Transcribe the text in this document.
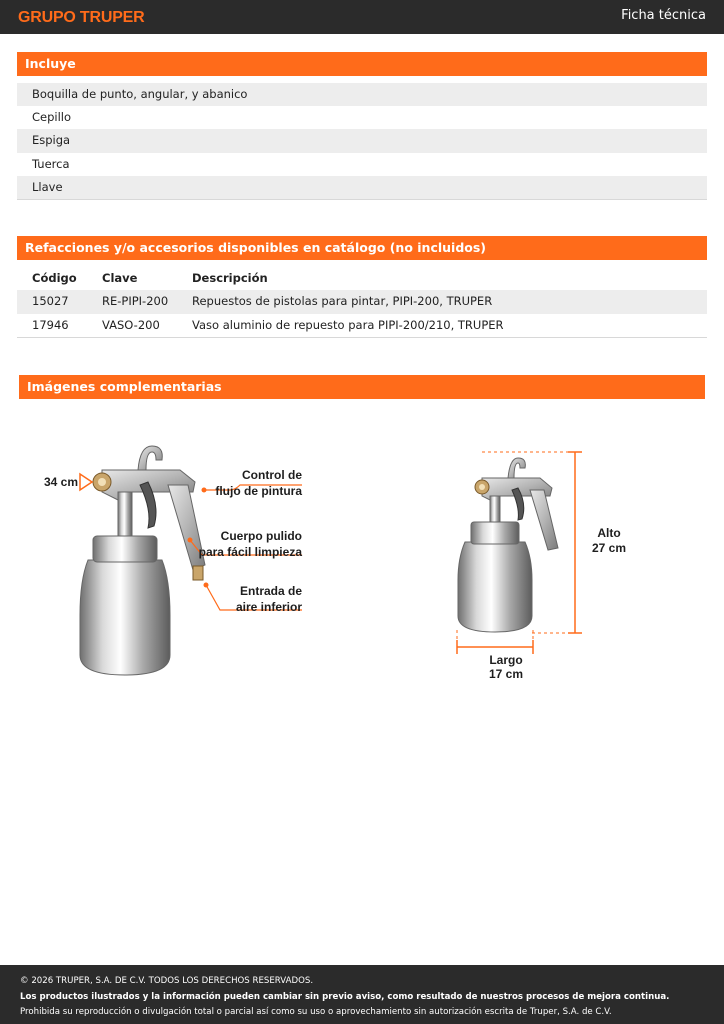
GRUPO TRUPER	Ficha técnica
Incluye
Boquilla de punto, angular, y abanico
Cepillo
Espiga
Tuerca
Llave
Refacciones y/o accesorios disponibles en catálogo (no incluidos)
Código	Clave	Descripción
15027	RE-PIPI-200	Repuestos de pistolas para pintar, PIPI-200, TRUPER
17946	VASO-200	Vaso aluminio de repuesto para PIPI-200/210, TRUPER
Imágenes complementarias
34 cm	Control de
flujo de pintura
Cuerpo pulido
para fácil limpieza
Entrada de
aire inferior
Alto
27 cm
Largo
17 cm
© 2026 TRUPER, S.A. DE C.V. TODOS LOS DERECHOS RESERVADOS.
Los productos ilustrados y la información pueden cambiar sin previo aviso, como resultado de nuestros procesos de mejora continua.
Prohibida su reproducción o divulgación total o parcial así como su uso o aprovechamiento sin autorización escrita de Truper, S.A. de C.V.
